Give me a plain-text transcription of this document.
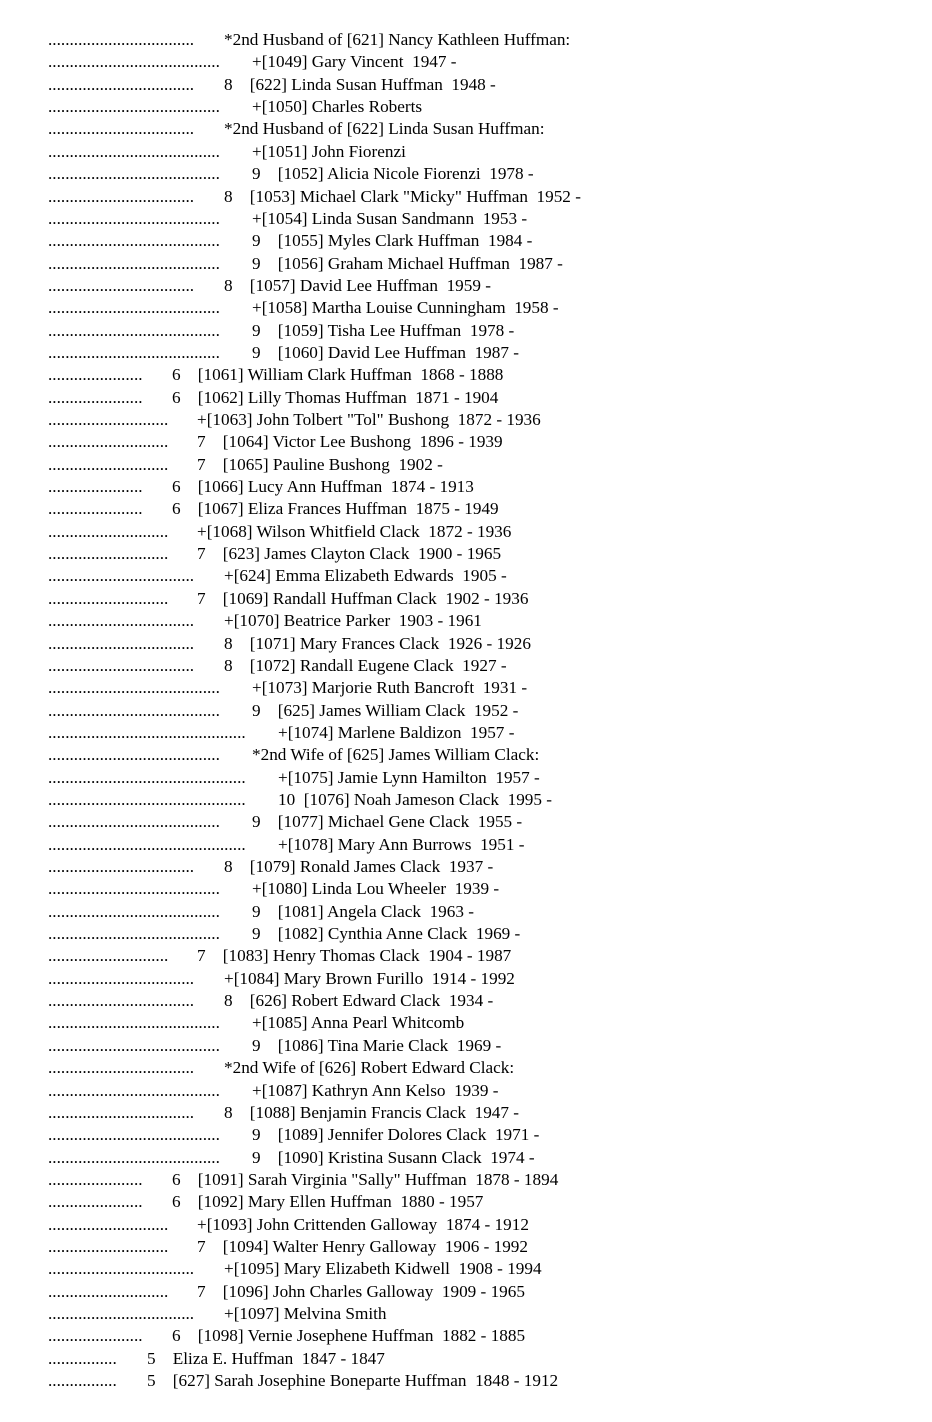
.................................. *2nd Husband of [621] Nancy Kathleen Huffman:
........................................ +[1049] Gary Vincent  1947 -
.................................. 8    [622] Linda Susan Huffman  1948 -
........................................ +[1050] Charles Roberts
.................................. *2nd Husband of [622] Linda Susan Huffman:
........................................ +[1051] John Fiorenzi
........................................ 9    [1052] Alicia Nicole Fiorenzi  1978 -
.................................. 8    [1053] Michael Clark "Micky" Huffman  1952 -
........................................ +[1054] Linda Susan Sandmann  1953 -
........................................ 9    [1055] Myles Clark Huffman  1984 -
........................................ 9    [1056] Graham Michael Huffman  1987 -
.................................. 8    [1057] David Lee Huffman  1959 -
........................................ +[1058] Martha Louise Cunningham  1958 -
........................................ 9    [1059] Tisha Lee Huffman  1978 -
........................................ 9    [1060] David Lee Huffman  1987 -
...................... 6    [1061] William Clark Huffman  1868 - 1888
...................... 6    [1062] Lilly Thomas Huffman  1871 - 1904
............................ +[1063] John Tolbert "Tol" Bushong  1872 - 1936
............................ 7    [1064] Victor Lee Bushong  1896 - 1939
............................ 7    [1065] Pauline Bushong  1902 -
...................... 6    [1066] Lucy Ann Huffman  1874 - 1913
...................... 6    [1067] Eliza Frances Huffman  1875 - 1949
............................ +[1068] Wilson Whitfield Clack  1872 - 1936
............................ 7    [623] James Clayton Clack  1900 - 1965
.................................. +[624] Emma Elizabeth Edwards  1905 -
............................ 7    [1069] Randall Huffman Clack  1902 - 1936
.................................. +[1070] Beatrice Parker  1903 - 1961
.................................. 8    [1071] Mary Frances Clack  1926 - 1926
.................................. 8    [1072] Randall Eugene Clack  1927 -
........................................ +[1073] Marjorie Ruth Bancroft  1931 -
........................................ 9    [625] James William Clack  1952 -
.............................................. +[1074] Marlene Baldizon  1957 -
........................................ *2nd Wife of [625] James William Clack:
.............................................. +[1075] Jamie Lynn Hamilton  1957 -
.............................................. 10  [1076] Noah Jameson Clack  1995 -
........................................ 9    [1077] Michael Gene Clack  1955 -
.............................................. +[1078] Mary Ann Burrows  1951 -
.................................. 8    [1079] Ronald James Clack  1937 -
........................................ +[1080] Linda Lou Wheeler  1939 -
........................................ 9    [1081] Angela Clack  1963 -
........................................ 9    [1082] Cynthia Anne Clack  1969 -
............................ 7    [1083] Henry Thomas Clack  1904 - 1987
.................................. +[1084] Mary Brown Furillo  1914 - 1992
.................................. 8    [626] Robert Edward Clack  1934 -
........................................ +[1085] Anna Pearl Whitcomb
........................................ 9    [1086] Tina Marie Clack  1969 -
.................................. *2nd Wife of [626] Robert Edward Clack:
........................................ +[1087] Kathryn Ann Kelso  1939 -
.................................. 8    [1088] Benjamin Francis Clack  1947 -
........................................ 9    [1089] Jennifer Dolores Clack  1971 -
........................................ 9    [1090] Kristina Susann Clack  1974 -
...................... 6    [1091] Sarah Virginia "Sally" Huffman  1878 - 1894
...................... 6    [1092] Mary Ellen Huffman  1880 - 1957
............................ +[1093] John Crittenden Galloway  1874 - 1912
............................ 7    [1094] Walter Henry Galloway  1906 - 1992
.................................. +[1095] Mary Elizabeth Kidwell  1908 - 1994
............................ 7    [1096] John Charles Galloway  1909 - 1965
.................................. +[1097] Melvina Smith
...................... 6    [1098] Vernie Josephene Huffman  1882 - 1885
................ 5    Eliza E. Huffman  1847 - 1847
................ 5    [627] Sarah Josephine Boneparte Huffman  1848 - 1912
